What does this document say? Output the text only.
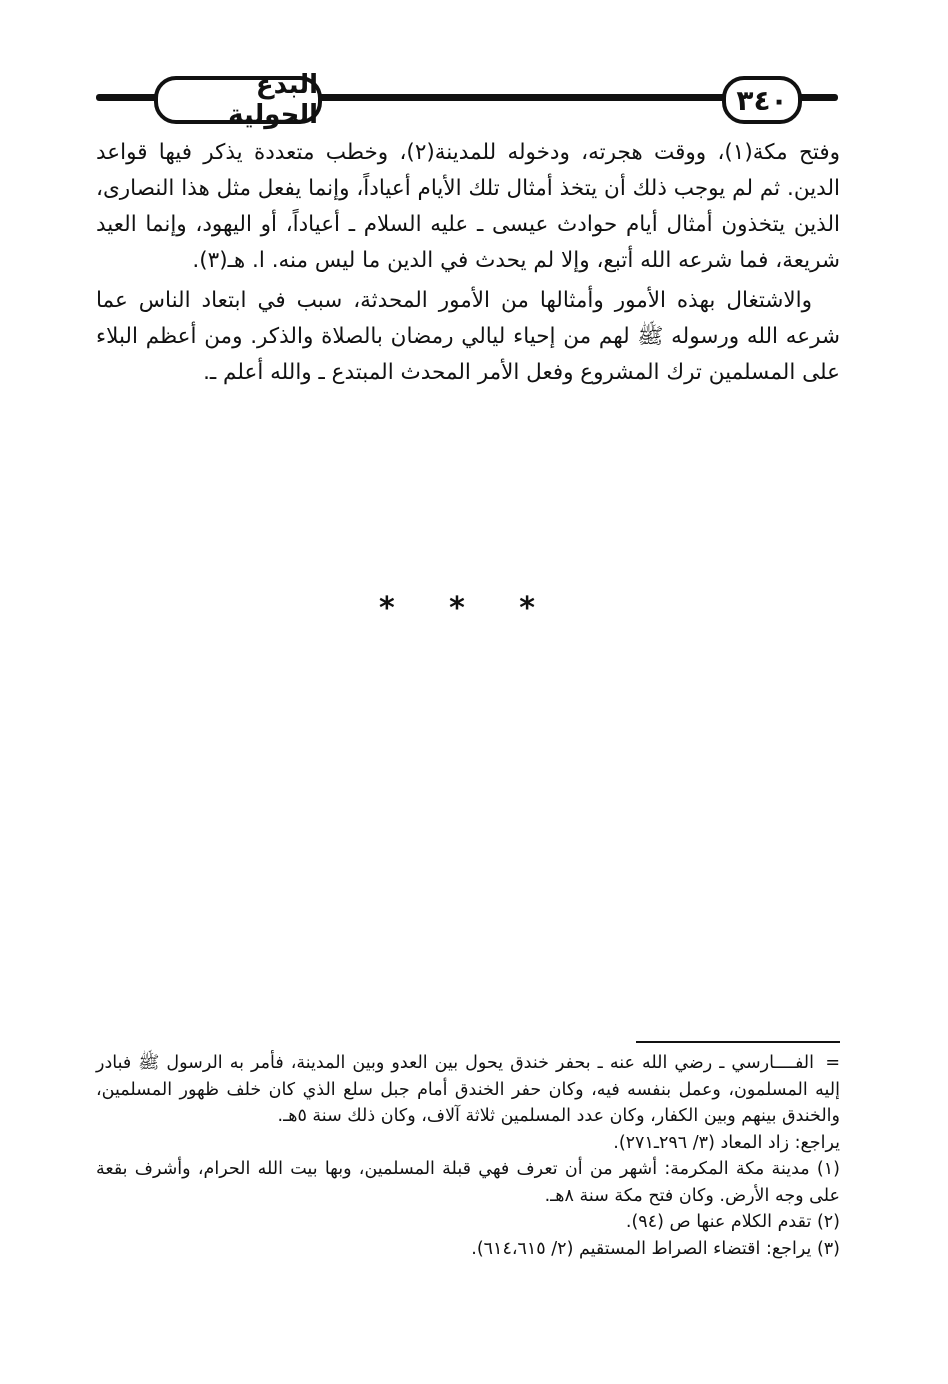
البدع الحولية	٣٤٠

وفتح مكة(١)، ووقت هجرته، ودخوله للمدينة(٢)، وخطب متعددة يذكر فيها قواعد الدين. ثم لم يوجب ذلك أن يتخذ أمثال تلك الأيام أعياداً، وإنما يفعل مثل هذا النصارى، الذين يتخذون أمثال أيام حوادث عيسى ـ عليه السلام ـ أعياداً، أو اليهود، وإنما العيد شريعة، فما شرعه الله أتبع، وإلا لم يحدث في الدين ما ليس منه. ا. هـ(٣).

والاشتغال بهذه الأمور وأمثالها من الأمور المحدثة، سبب في ابتعاد الناس عما شرعه الله ورسوله ﷺ لهم من إحياء ليالي رمضان بالصلاة والذكر. ومن أعظم البلاء على المسلمين ترك المشروع وفعل الأمر المحدث المبتدع ـ والله أعلم ـ.

* * *

=الفــــارسي ـ رضي الله عنه ـ بحفر خندق يحول بين العدو وبين المدينة، فأمر به الرسول ﷺ فبادر إليه المسلمون، وعمل بنفسه فيه، وكان حفر الخندق أمام جبل سلع الذي كان خلف ظهور المسلمين، والخندق بينهم وبين الكفار، وكان عدد المسلمين ثلاثة آلاف، وكان ذلك سنة ٥هـ.

يراجع: زاد المعاد (٣/ ٢٩٦ـ٢٧١).

(١) مدينة مكة المكرمة: أشهر من أن تعرف فهي قبلة المسلمين، وبها بيت الله الحرام، وأشرف بقعة على وجه الأرض. وكان فتح مكة سنة ٨هـ.

(٢) تقدم الكلام عنها ص (٩٤).

(٣) يراجع: اقتضاء الصراط المستقيم (٢/ ٦١٤،٦١٥).
